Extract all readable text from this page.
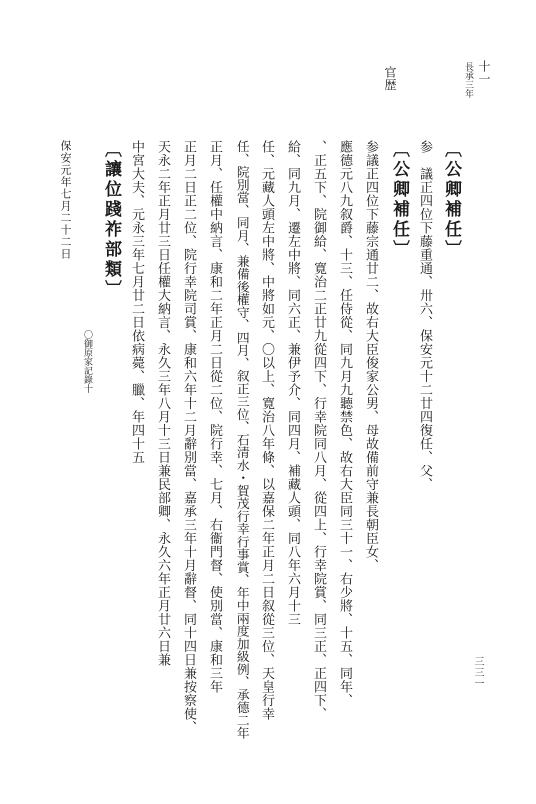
十一
長承三年
官歴
〔公卿補任〕
参　議正四位下藤重通、卅六、保安元十二廿四復任、父、
〔公卿補任〕
参議正四位下藤宗通廿二、故右大臣俊家公男、母故備前守兼長朝臣女、
應德元八九叙爵、十三、任侍從、同九月九聽禁色、故右大臣同三十一、右少將、十五、同年、
、正五下、院御給、寛治二正廿九從四下、行幸院同八月、從四上、行幸院賞、同三正、正四下、
給、同九月、遷左中將、同六正、兼伊予介、同四月、補藏人頭、同八年六月十三
任、元藏人頭左中將、中將如元、〇以上、寛治八年條、以嘉保二年正月二日叙從三位、天皇行幸
任、院別當、同月、兼備後權守、四月、叙正三位、石清水・賀茂行幸行事賞、年中兩度加級例、承德二年
正月、任權中納言、康和二年正月二日從二位、院行幸、七月、右衞門督、使別當、康和三年
正月二日正二位、院行幸院司賞、康和六年十二月辭別當、嘉承三年十月辭督、同十四日兼按察使、
天永二年正月廿三日任權大納言、永久三年八月十三日兼民部卿、永久六年正月廿六日兼
中宮大夫、元永三年七月廿二日依病薨、臘、年四十五
〔讓位踐祚部類〕
〇御原家記錄十
保安元年七月二十二日
三三一
